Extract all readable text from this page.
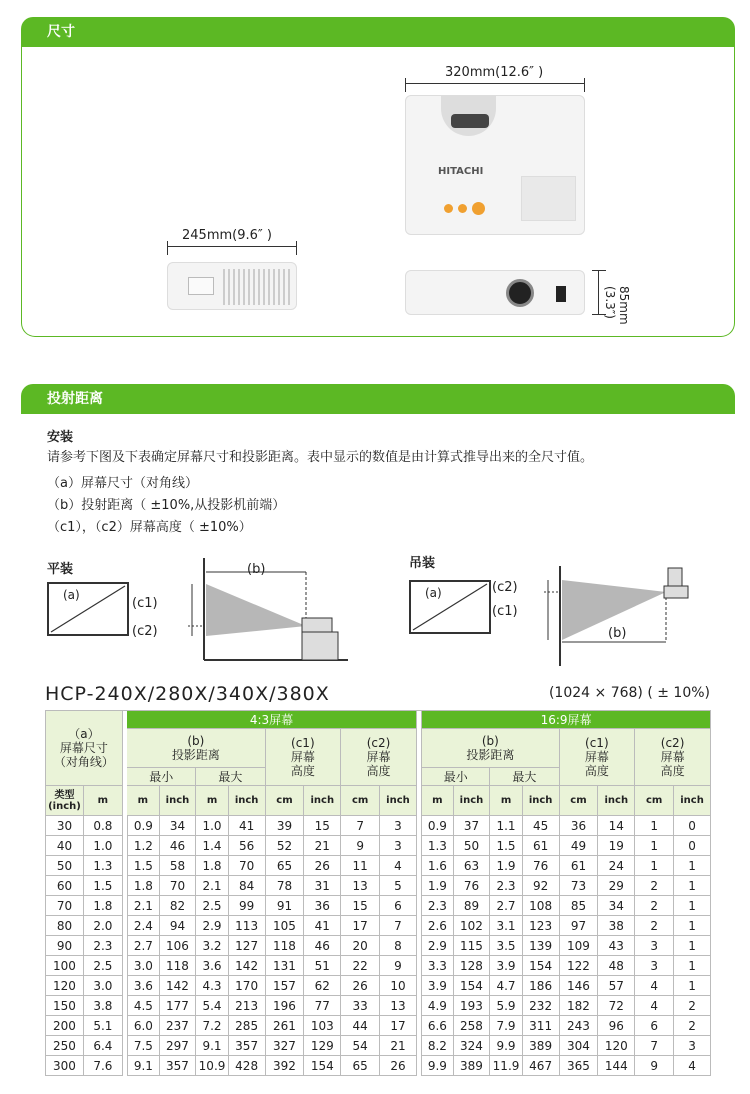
尺寸
320mm(12.6″ )
HITACHI
245mm(9.6″ )
85mm (3.3″)
投射距离
安装
请参考下图及下表确定屏幕尺寸和投影距离。表中显示的数值是由计算式推导出来的全尺寸值。
（a）屏幕尺寸（对角线）
（b）投射距离（ ±10%,从投影机前端）
（c1），（c2）屏幕高度（ ±10%）
平装
(a)
(c1)
(c2)
(b)	吊装
(a)	(c2)
(c1)
(b)
HCP-240X/280X/340X/380X	(1024 × 768) ( ± 10%)
（a）
屏幕尺寸
（对角线）			4:3屏幕									16:9屏幕							
			(b)
投影距离				(c1)
屏幕
高度		(c2)
屏幕
高度			(b)
投影距离				(c1)
屏幕
高度		(c2)
屏幕
高度	
			最小		最大							最小		最大					
类型
(inch)	m		m	inch	m	inch	cm	inch	cm	inch		m	inch	m	inch	cm	inch	cm	inch
30	0.8		0.9	34	1.0	41	39	15	7	3		0.9	37	1.1	45	36	14	1	0
40	1.0		1.2	46	1.4	56	52	21	9	3		1.3	50	1.5	61	49	19	1	0
50	1.3		1.5	58	1.8	70	65	26	11	4		1.6	63	1.9	76	61	24	1	1
60	1.5		1.8	70	2.1	84	78	31	13	5		1.9	76	2.3	92	73	29	2	1
70	1.8		2.1	82	2.5	99	91	36	15	6		2.3	89	2.7	108	85	34	2	1
80	2.0		2.4	94	2.9	113	105	41	17	7		2.6	102	3.1	123	97	38	2	1
90	2.3		2.7	106	3.2	127	118	46	20	8		2.9	115	3.5	139	109	43	3	1
100	2.5		3.0	118	3.6	142	131	51	22	9		3.3	128	3.9	154	122	48	3	1
120	3.0		3.6	142	4.3	170	157	62	26	10		3.9	154	4.7	186	146	57	4	1
150	3.8		4.5	177	5.4	213	196	77	33	13		4.9	193	5.9	232	182	72	4	2
200	5.1		6.0	237	7.2	285	261	103	44	17		6.6	258	7.9	311	243	96	6	2
250	6.4		7.5	297	9.1	357	327	129	54	21		8.2	324	9.9	389	304	120	7	3
300	7.6		9.1	357	10.9	428	392	154	65	26		9.9	389	11.9	467	365	144	9	4
